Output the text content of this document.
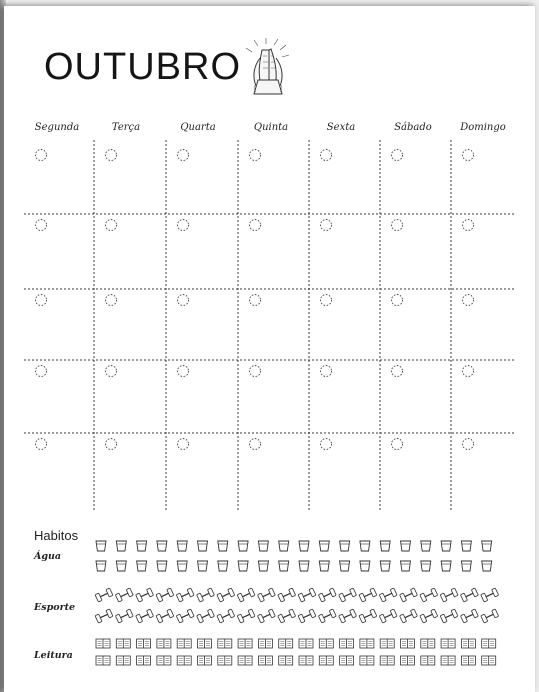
OUTUBRO
Segunda	Terça	Quarta	Quinta	Sexta	Sábado	Domingo
Habitos
Água
Esporte
Leitura
